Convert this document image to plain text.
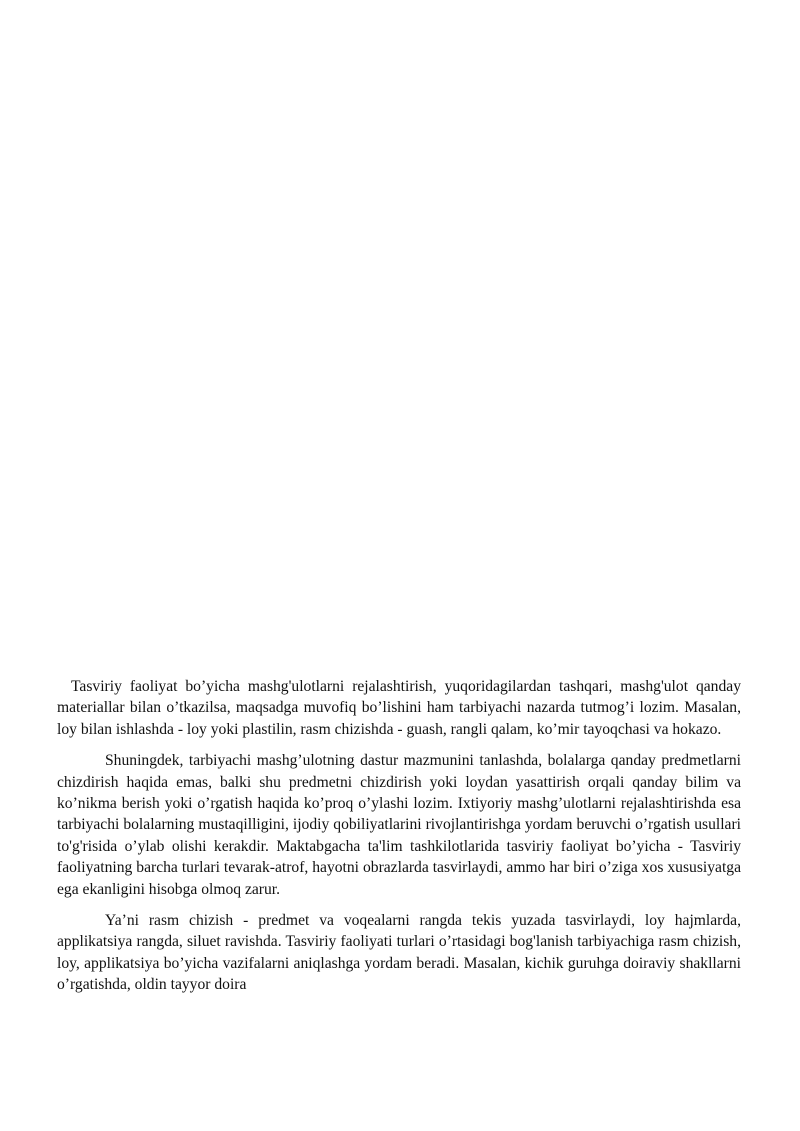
Tasviriy faoliyat bo’yicha mashg'ulotlarni rejalashtirish, yuqoridagilardan tashqari, mashg'ulot qanday materiallar bilan o’tkazilsa, maqsadga muvofiq bo’lishini ham tarbiyachi nazarda tutmog’i lozim. Masalan, loy bilan ishlashda - loy yoki plastilin, rasm chizishda - guash, rangli qalam, ko’mir tayoqchasi va hokazo.

Shuningdek, tarbiyachi mashg’ulotning dastur mazmunini tanlashda, bolalarga qanday predmetlarni chizdirish haqida emas, balki shu predmetni chizdirish yoki loydan yasattirish orqali qanday bilim va ko’nikma berish yoki o’rgatish haqida ko’proq o’ylashi lozim. Ixtiyoriy mashg’ulotlarni rejalashtirishda esa tarbiyachi bolalarning mustaqilligini, ijodiy qobiliyatlarini rivojlantirishga yordam beruvchi o’rgatish usullari to'g'risida o’ylab olishi kerakdir. Maktabgacha ta'lim tashkilotlarida tasviriy faoliyat bo’yicha - Tasviriy faoliyatning barcha turlari tevarak-atrof, hayotni obrazlarda tasvirlaydi, ammo har biri o’ziga xos xususiyatga ega ekanligini hisobga olmoq zarur.

Ya’ni rasm chizish - predmet va voqealarni rangda tekis yuzada tasvirlaydi, loy hajmlarda, applikatsiya rangda, siluet ravishda. Tasviriy faoliyati turlari o’rtasidagi bog'lanish tarbiyachiga rasm chizish, loy, applikatsiya bo’yicha vazifalarni aniqlashga yordam beradi. Masalan, kichik guruhga doiraviy shakllarni o’rgatishda, oldin tayyor doira
